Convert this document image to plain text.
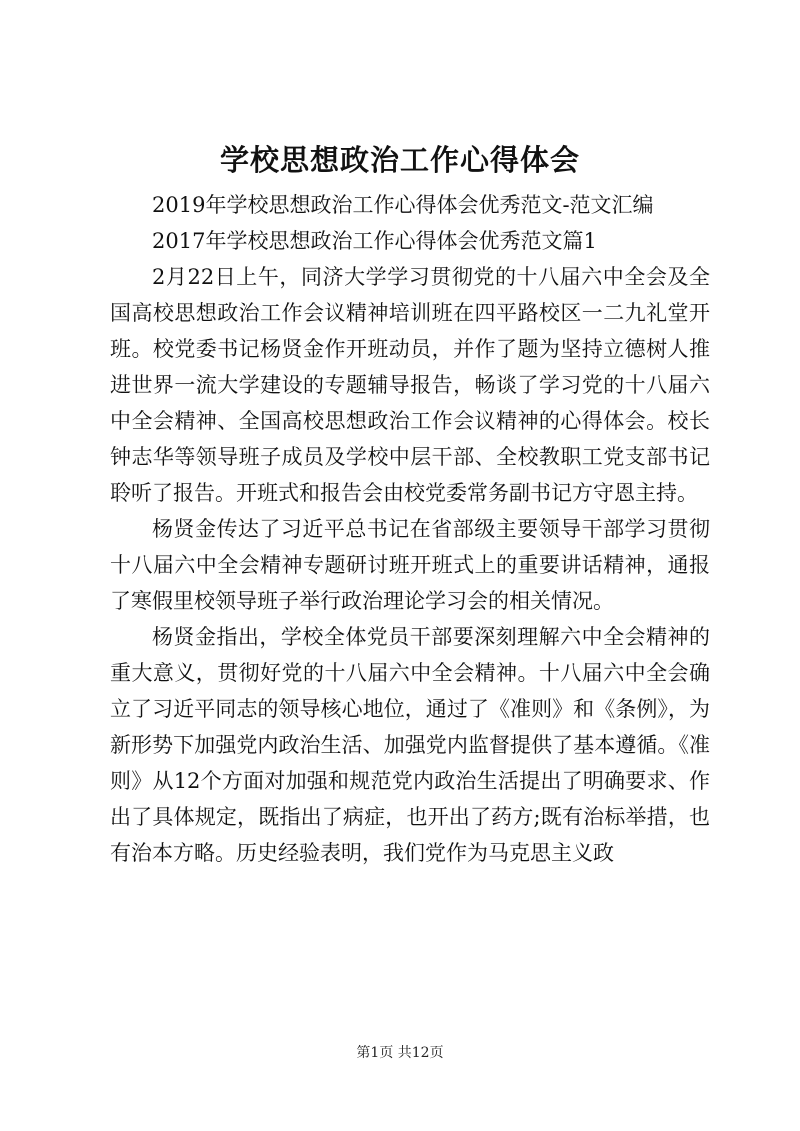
学校思想政治工作心得体会

2019年学校思想政治工作心得体会优秀范文-范文汇编

2017年学校思想政治工作心得体会优秀范文篇1

2月22日上午，同济大学学习贯彻党的十八届六中全会及全国高校思想政治工作会议精神培训班在四平路校区一二九礼堂开班。校党委书记杨贤金作开班动员，并作了题为坚持立德树人推进世界一流大学建设的专题辅导报告，畅谈了学习党的十八届六中全会精神、全国高校思想政治工作会议精神的心得体会。校长钟志华等领导班子成员及学校中层干部、全校教职工党支部书记聆听了报告。开班式和报告会由校党委常务副书记方守恩主持。

杨贤金传达了习近平总书记在省部级主要领导干部学习贯彻十八届六中全会精神专题研讨班开班式上的重要讲话精神，通报了寒假里校领导班子举行政治理论学习会的相关情况。

杨贤金指出，学校全体党员干部要深刻理解六中全会精神的重大意义，贯彻好党的十八届六中全会精神。十八届六中全会确立了习近平同志的领导核心地位，通过了《准则》和《条例》，为新形势下加强党内政治生活、加强党内监督提供了基本遵循。《准则》从12个方面对加强和规范党内政治生活提出了明确要求、作出了具体规定，既指出了病症，也开出了药方;既有治标举措，也有治本方略。历史经验表明，我们党作为马克思主义政

第1页 共12页
